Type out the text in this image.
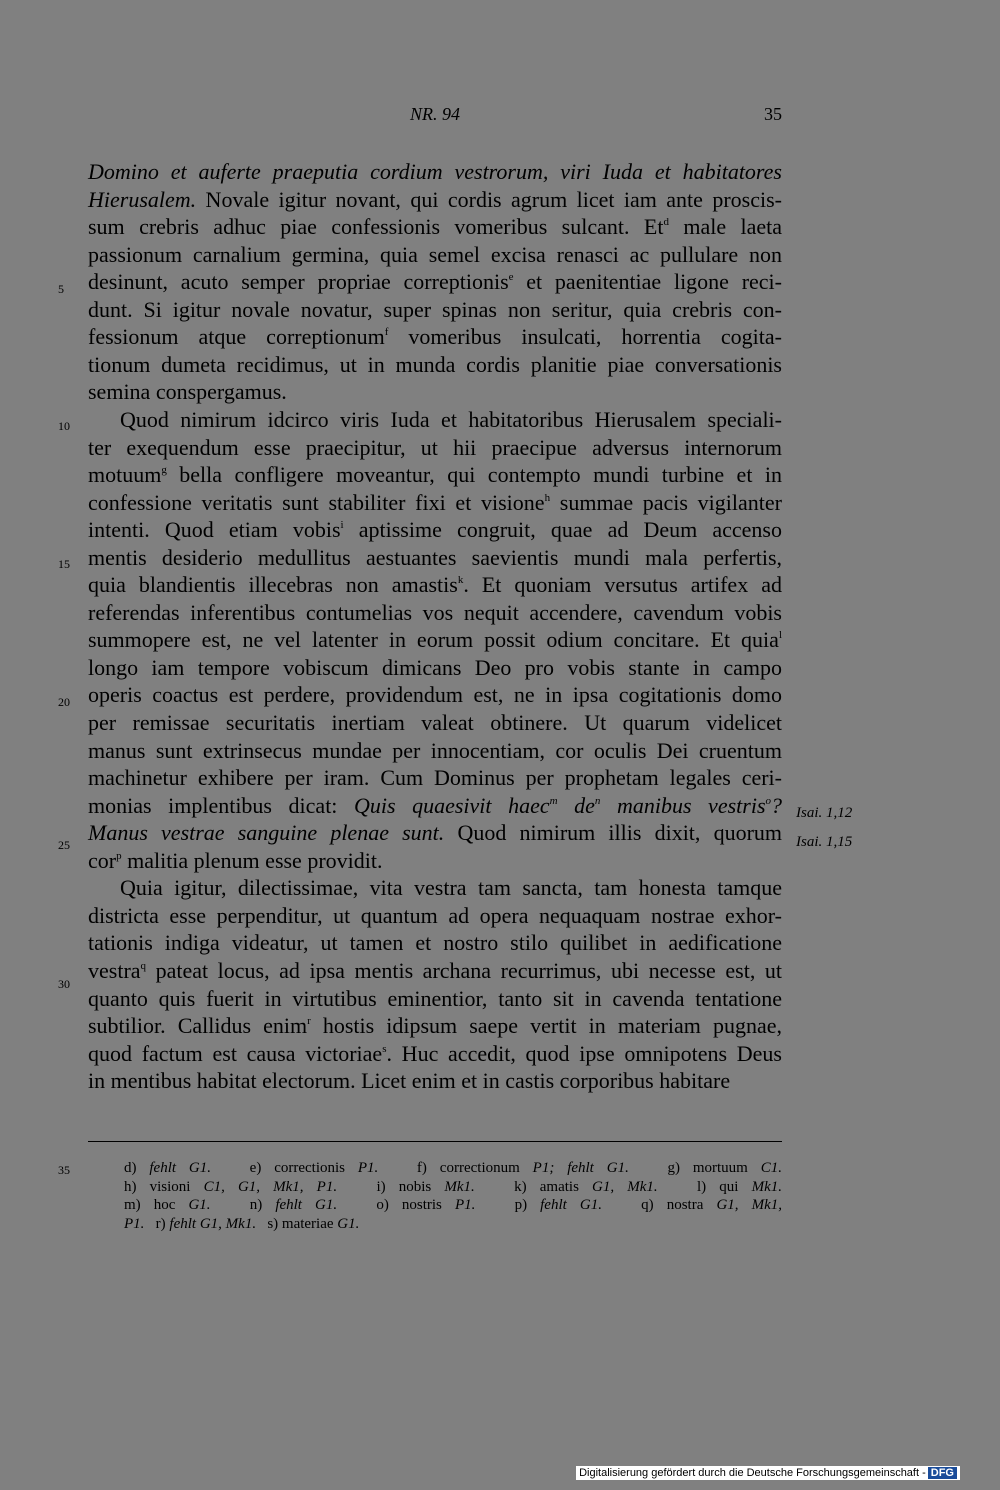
NR. 94	35
Domino et auferte praeputia cordium vestrorum, viri Iuda et habitatores
Hierusalem. Novale igitur novant, qui cordis agrum licet iam ante proscis-
sum crebris adhuc piae confessionis vomeribus sulcant. Et$^d$ male laeta
passionum carnalium germina, quia semel excisa renasci ac pullulare non
desinunt, acuto semper propriae correptionis$^e$ et paenitentiae ligone reci-
dunt. Si igitur novale novatur, super spinas non seritur, quia crebris con-
fessionum atque correptionum$^f$ vomeribus insulcati, horrentia cogita-
tionum dumeta recidimus, ut in munda cordis planitie piae conversationis
semina conspergamus.
Quod nimirum idcirco viris Iuda et habitatoribus Hierusalem speciali-
ter exequendum esse praecipitur, ut hii praecipue adversus internorum
motuum$^g$ bella confligere moveantur, qui contempto mundi turbine et in
confessione veritatis sunt stabiliter fixi et visione$^h$ summae pacis vigilanter
intenti. Quod etiam vobis$^i$ aptissime congruit, quae ad Deum accenso
mentis desiderio medullitus aestuantes saevientis mundi mala perfertis,
quia blandientis illecebras non amastis$^k$. Et quoniam versutus artifex ad
referendas inferentibus contumelias vos nequit accendere, cavendum vobis
summopere est, ne vel latenter in eorum possit odium concitare. Et quia$^l$
longo iam tempore vobiscum dimicans Deo pro vobis stante in campo
operis coactus est perdere, providendum est, ne in ipsa cogitationis domo
per remissae securitatis inertiam valeat obtinere. Ut quarum videlicet
manus sunt extrinsecus mundae per innocentiam, cor oculis Dei cruentum
machinetur exhibere per iram. Cum Dominus per prophetam legales ceri-
monias implentibus dicat: Quis quaesivit haec$^m$ $de^n$ manibus vestris$^o$?
Manus vestrae sanguine plenae sunt. Quod nimirum illis dixit, quorum
cor$^p$ malitia plenum esse providit.
Quia igitur, dilectissimae, vita vestra tam sancta, tam honesta tamque
districta esse perpenditur, ut quantum ad opera nequaquam nostrae exhor-
tationis indiga videatur, ut tamen et nostro stilo quilibet in aedificatione
vestra$^q$ pateat locus, ad ipsa mentis archana recurrimus, ubi necesse est, ut
quanto quis fuerit in virtutibus eminentior, tanto sit in cavenda tentatione
subtilior. Callidus enim$^r$ hostis idipsum saepe vertit in materiam pugnae,
quod factum est causa victoriae$^s$. Huc accedit, quod ipse omnipotens Deus
in mentibus habitat electorum. Licet enim et in castis corporibus habitare
5
10
15
20
25
30
Isai. 1,12
Isai. 1,15
35	d) fehlt G1.   e) correctionis P1.   f) correctionum P1; fehlt G1.   g) mortuum C1.
h) visioni C1, G1, Mk1, P1.   i) nobis Mk1.   k) amatis G1, Mk1.   l) qui Mk1.
m) hoc G1.   n) fehlt G1.   o) nostris P1.   p) fehlt G1.   q) nostra G1, Mk1,
P1.   r) fehlt G1, Mk1.   s) materiae G1.
Digitalisierung gefördert durch die Deutsche Forschungsgemeinschaft - DFG
